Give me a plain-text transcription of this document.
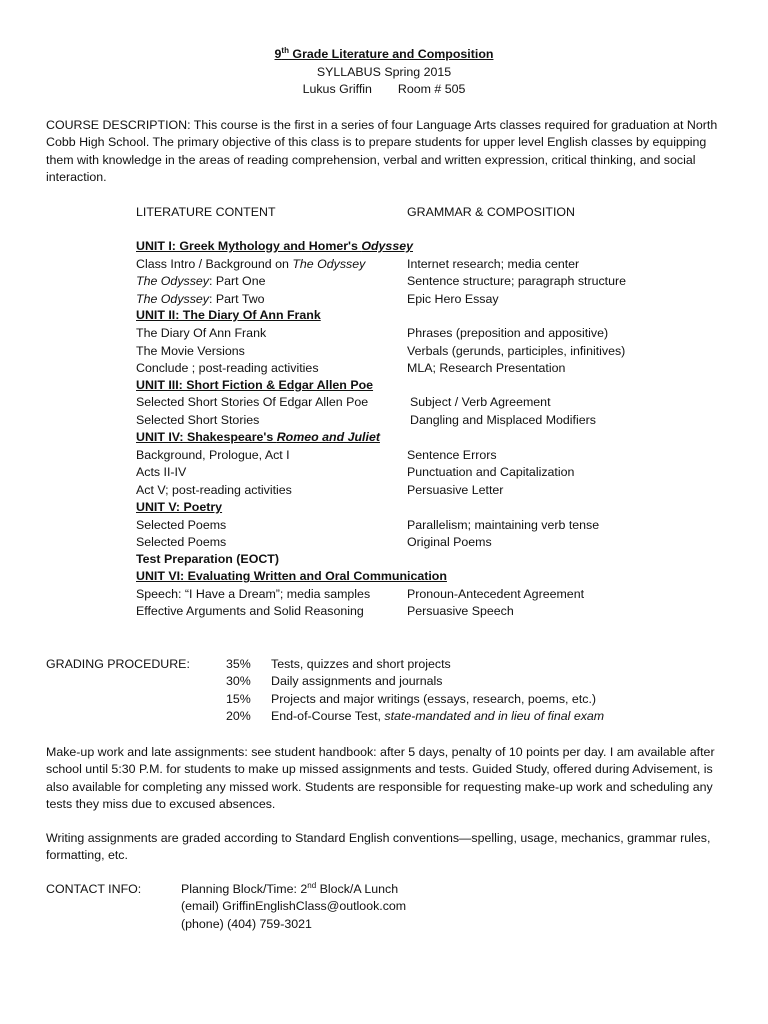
9th Grade Literature and Composition
SYLLABUS Spring 2015
Lukus Griffin Room # 505
COURSE DESCRIPTION: This course is the first in a series of four Language Arts classes required for graduation at North Cobb High School. The primary objective of this class is to prepare students for upper level English classes by equipping them with knowledge in the areas of reading comprehension, verbal and written expression, critical thinking, and social interaction.
LITERATURE CONTENT	GRAMMAR & COMPOSITION
UNIT I: Greek Mythology and Homer's Odyssey
Class Intro / Background on The Odyssey	Internet research; media center
The Odyssey: Part One	Sentence structure; paragraph structure
The Odyssey: Part Two	Epic Hero Essay
UNIT II: The Diary Of Ann Frank
The Diary Of Ann Frank	Phrases (preposition and appositive)
The Movie Versions	Verbals (gerunds, participles, infinitives)
Conclude ; post-reading activities	MLA; Research Presentation
UNIT III: Short Fiction & Edgar Allen Poe
Selected Short Stories Of Edgar Allen Poe	Subject / Verb Agreement
Selected Short Stories	Dangling and Misplaced Modifiers
UNIT IV: Shakespeare's Romeo and Juliet
Background, Prologue, Act I	Sentence Errors
Acts II-IV	Punctuation and Capitalization
Act V; post-reading activities	Persuasive Letter
UNIT V: Poetry
Selected Poems	Parallelism; maintaining verb tense
Selected Poems	Original Poems
Test Preparation (EOCT)
UNIT VI: Evaluating Written and Oral Communication
Speech: “I Have a Dream”; media samples	Pronoun-Antecedent Agreement
Effective Arguments and Solid Reasoning	Persuasive Speech
GRADING PROCEDURE:	35% Tests, quizzes and short projects
30% Daily assignments and journals
15% Projects and major writings (essays, research, poems, etc.)
20% End-of-Course Test, state-mandated and in lieu of final exam
Make-up work and late assignments: see student handbook: after 5 days, penalty of 10 points per day. I am available after school until 5:30 P.M. for students to make up missed assignments and tests. Guided Study, offered during Advisement, is also available for completing any missed work. Students are responsible for requesting make-up work and scheduling any tests they miss due to excused absences.
Writing assignments are graded according to Standard English conventions—spelling, usage, mechanics, grammar rules, formatting, etc.
CONTACT INFO:	Planning Block/Time: 2nd Block/A Lunch
(email) GriffinEnglishClass@outlook.com
(phone) (404) 759-3021
